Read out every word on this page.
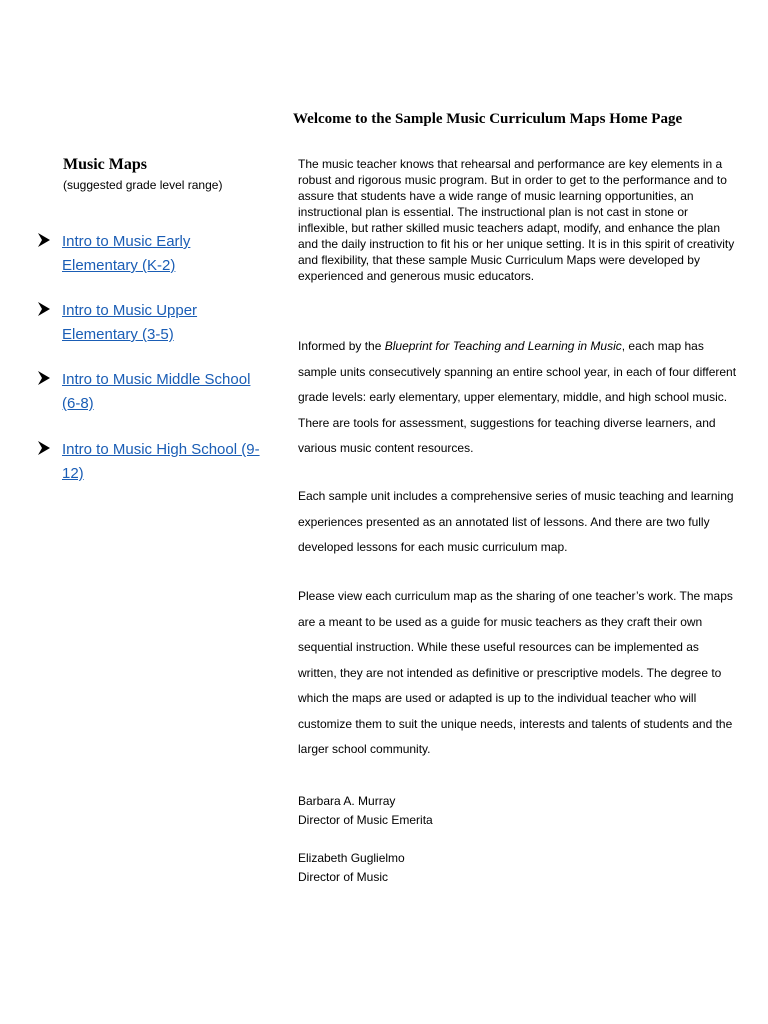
Welcome to the Sample Music Curriculum Maps Home Page
Music Maps
(suggested grade level range)
Intro to Music Early Elementary (K-2)
Intro to Music Upper Elementary (3-5)
Intro to Music Middle School (6-8)
Intro to Music High School (9-12)

The music teacher knows that rehearsal and performance are key elements in a robust and rigorous music program. But in order to get to the performance and to assure that students have a wide range of music learning opportunities, an instructional plan is essential. The instructional plan is not cast in stone or inflexible, but rather skilled music teachers adapt, modify, and enhance the plan and the daily instruction to fit his or her unique setting. It is in this spirit of creativity and flexibility, that these sample Music Curriculum Maps were developed by experienced and generous music educators.

Informed by the Blueprint for Teaching and Learning in Music, each map has sample units consecutively spanning an entire school year, in each of four different grade levels: early elementary, upper elementary, middle, and high school music. There are tools for assessment, suggestions for teaching diverse learners, and various music content resources.

Each sample unit includes a comprehensive series of music teaching and learning experiences presented as an annotated list of lessons. And there are two fully developed lessons for each music curriculum map.

Please view each curriculum map as the sharing of one teacher’s work. The maps are a meant to be used as a guide for music teachers as they craft their own sequential instruction. While these useful resources can be implemented as written, they are not intended as definitive or prescriptive models. The degree to which the maps are used or adapted is up to the individual teacher who will customize them to suit the unique needs, interests and talents of students and the larger school community.

Barbara A. Murray
Director of Music Emerita
Elizabeth Guglielmo
Director of Music
